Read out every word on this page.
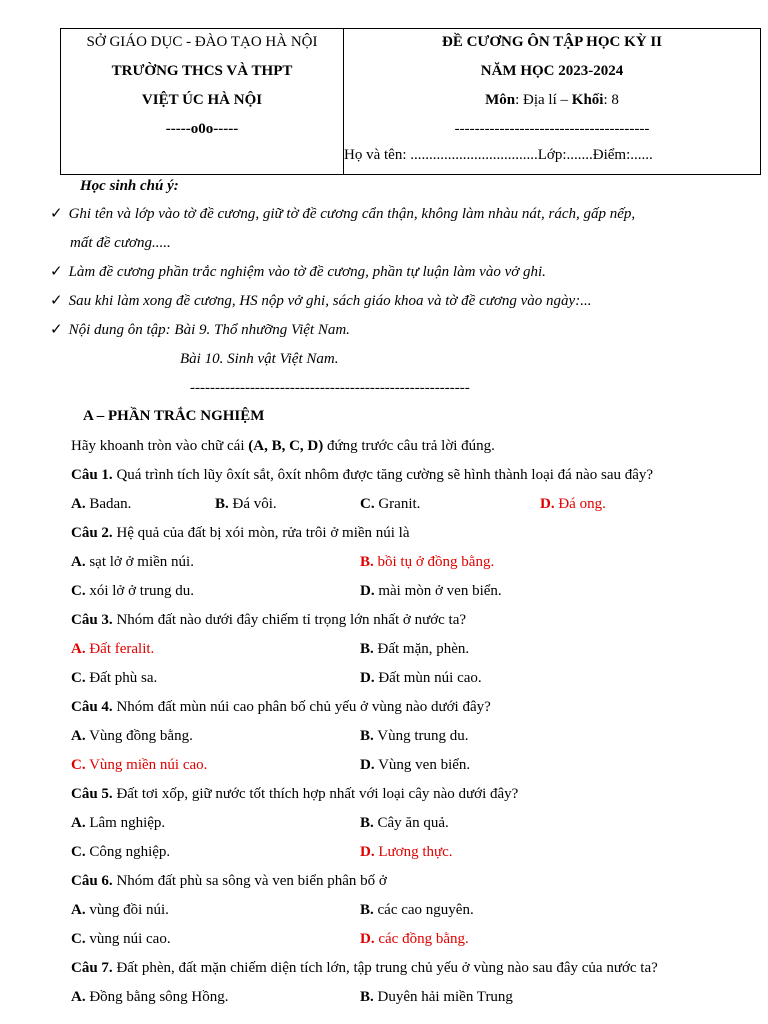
SỞ GIÁO DỤC - ĐÀO TẠO HÀ NỘI
TRƯỜNG THCS VÀ THPT
VIỆT ÚC HÀ NỘI
-----o0o-----
ĐỀ CƯƠNG ÔN TẬP HỌC KỲ II
NĂM HỌC 2023-2024
Môn: Địa lí – Khối: 8
---------------------------------------
Họ và tên: ..................................Lớp:.......Điểm:......
Học sinh chú ý:
✓ Ghi tên và lớp vào tờ đề cương, giữ tờ đề cương cẩn thận, không làm nhàu nát, rách, gấp nếp,
mất đề cương.....
✓ Làm đề cương phần trắc nghiệm vào tờ đề cương, phần tự luận làm vào vở ghi.
✓ Sau khi làm xong đề cương, HS nộp vở ghi, sách giáo khoa và tờ đề cương vào ngày:...
✓ Nội dung ôn tập: Bài 9. Thổ nhưỡng Việt Nam.
Bài 10. Sinh vật Việt Nam.
--------------------------------------------------------
A – PHẦN TRẮC NGHIỆM
Hãy khoanh tròn vào chữ cái (A, B, C, D) đứng trước câu trả lời đúng.
Câu 1. Quá trình tích lũy ôxít sắt, ôxít nhôm được tăng cường sẽ hình thành loại đá nào sau đây?
A. Badan.	B. Đá vôi.	C. Granit.	D. Đá ong.
Câu 2. Hệ quả của đất bị xói mòn, rửa trôi ở miền núi là
A. sạt lở ở miền núi.	B. bồi tụ ở đồng bằng.
C. xói lở ở trung du.	D. mài mòn ở ven biển.
Câu 3. Nhóm đất nào dưới đây chiếm tỉ trọng lớn nhất ở nước ta?
A. Đất feralit.	B. Đất mặn, phèn.
C. Đất phù sa.	D. Đất mùn núi cao.
Câu 4. Nhóm đất mùn núi cao phân bố chủ yếu ở vùng nào dưới đây?
A. Vùng đồng bằng.	B. Vùng trung du.
C. Vùng miền núi cao.	D. Vùng ven biển.
Câu 5. Đất tơi xốp, giữ nước tốt thích hợp nhất với loại cây nào dưới đây?
A. Lâm nghiệp.	B. Cây ăn quả.
C. Công nghiệp.	D. Lương thực.
Câu 6. Nhóm đất phù sa sông và ven biển phân bố ở
A. vùng đồi núi.	B. các cao nguyên.
C. vùng núi cao.	D. các đồng bằng.
Câu 7. Đất phèn, đất mặn chiếm diện tích lớn, tập trung chủ yếu ở vùng nào sau đây của nước ta?
A. Đồng bằng sông Hồng.	B. Duyên hải miền Trung
